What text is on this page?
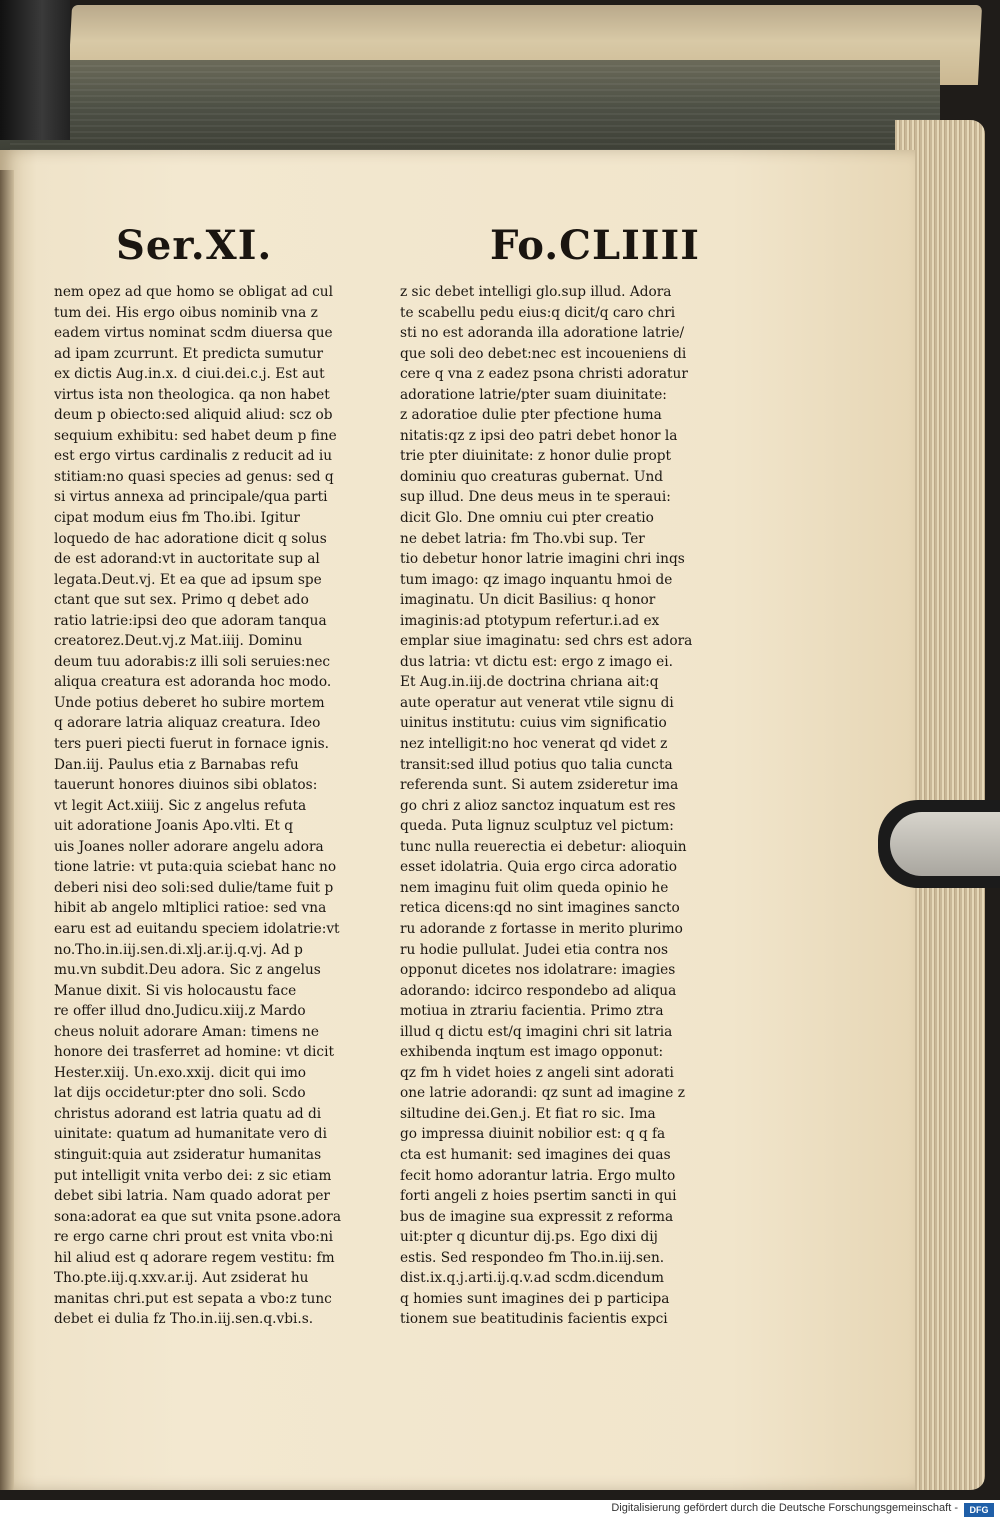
Ser.XI.	Fo.CLIIII
nem opez ad que homo se obligat ad cul
tum dei. His ergo oibus nominib vna z
eadem virtus nominat scdm diuersa que
ad ipam zcurrunt. Et predicta sumutur
ex dictis Aug.in.x. d ciui.dei.c.j. Est aut
virtus ista non theologica. qa non habet
deum p obiecto:sed aliquid aliud: scz ob
sequium exhibitu: sed habet deum p fine
est ergo virtus cardinalis z reducit ad iu
stitiam:no quasi species ad genus: sed q
si virtus annexa ad principale/qua parti
cipat modum eius fm Tho.ibi. Igitur
loquedo de hac adoratione dicit q solus
de est adorand:vt in auctoritate sup al
legata.Deut.vj. Et ea que ad ipsum spe
ctant que sut sex. Primo q debet ado
ratio latrie:ipsi deo que adoram tanqua
creatorez.Deut.vj.z Mat.iiij. Dominu
deum tuu adorabis:z illi soli seruies:nec
aliqua creatura est adoranda hoc modo.
Unde potius deberet ho subire mortem
q adorare latria aliquaz creatura. Ideo
ters pueri piecti fuerut in fornace ignis.
Dan.iij. Paulus etia z Barnabas refu
tauerunt honores diuinos sibi oblatos:
vt legit Act.xiiij. Sic z angelus refuta
uit adoratione Joanis Apo.vlti. Et q
uis Joanes noller adorare angelu adora
tione latrie: vt puta:quia sciebat hanc no
deberi nisi deo soli:sed dulie/tame fuit p
hibit ab angelo mltiplici ratioe: sed vna
earu est ad euitandu speciem idolatrie:vt
no.Tho.in.iij.sen.di.xlj.ar.ij.q.vj. Ad p
mu.vn subdit.Deu adora. Sic z angelus
Manue dixit. Si vis holocaustu face
re offer illud dno.Judicu.xiij.z Mardo
cheus noluit adorare Aman: timens ne
honore dei trasferret ad homine: vt dicit
Hester.xiij. Un.exo.xxij. dicit qui imo
lat dijs occidetur:pter dno soli. Scdo
christus adorand est latria quatu ad di
uinitate: quatum ad humanitate vero di
stinguit:quia aut zsideratur humanitas
put intelligit vnita verbo dei: z sic etiam
debet sibi latria. Nam quado adorat per
sona:adorat ea que sut vnita psone.adora
re ergo carne chri prout est vnita vbo:ni
hil aliud est q adorare regem vestitu: fm
Tho.pte.iij.q.xxv.ar.ij. Aut zsiderat hu
manitas chri.put est sepata a vbo:z tunc
debet ei dulia fz Tho.in.iij.sen.q.vbi.s.
z sic debet intelligi glo.sup illud. Adora
te scabellu pedu eius:q dicit/q caro chri
sti no est adoranda illa adoratione latrie/
que soli deo debet:nec est incoueniens di
cere q vna z eadez psona christi adoratur
adoratione latrie/pter suam diuinitate:
z adoratioe dulie pter pfectione huma
nitatis:qz z ipsi deo patri debet honor la
trie pter diuinitate: z honor dulie propt
dominiu quo creaturas gubernat. Und
sup illud. Dne deus meus in te speraui:
dicit Glo. Dne omniu cui pter creatio
ne debet latria: fm Tho.vbi sup. Ter
tio debetur honor latrie imagini chri inqs
tum imago: qz imago inquantu hmoi de
imaginatu. Un dicit Basilius: q honor
imaginis:ad ptotypum refertur.i.ad ex
emplar siue imaginatu: sed chrs est adora
dus latria: vt dictu est: ergo z imago ei.
Et Aug.in.iij.de doctrina chriana ait:q
aute operatur aut venerat vtile signu di
uinitus institutu: cuius vim significatio
nez intelligit:no hoc venerat qd videt z
transit:sed illud potius quo talia cuncta
referenda sunt. Si autem zsideretur ima
go chri z alioz sanctoz inquatum est res
queda. Puta lignuz sculptuz vel pictum:
tunc nulla reuerectia ei debetur: alioquin
esset idolatria. Quia ergo circa adoratio
nem imaginu fuit olim queda opinio he
retica dicens:qd no sint imagines sancto
ru adorande z fortasse in merito plurimo
ru hodie pullulat. Judei etia contra nos
opponut dicetes nos idolatrare: imagies
adorando: idcirco respondebo ad aliqua
motiua in ztrariu facientia. Primo ztra
illud q dictu est/q imagini chri sit latria
exhibenda inqtum est imago opponut:
qz fm h videt hoies z angeli sint adorati
one latrie adorandi: qz sunt ad imagine z
siltudine dei.Gen.j. Et fiat ro sic. Ima
go impressa diuinit nobilior est: q q fa
cta est humanit: sed imagines dei quas
fecit homo adorantur latria. Ergo multo
forti angeli z hoies psertim sancti in qui
bus de imagine sua expressit z reforma
uit:pter q dicuntur dij.ps. Ego dixi dij
estis. Sed respondeo fm Tho.in.iij.sen.
dist.ix.q.j.arti.ij.q.v.ad scdm.dicendum
q homies sunt imagines dei p participa
tionem sue beatitudinis facientis expci
Digitalisierung gefördert durch die Deutsche Forschungsgemeinschaft -	DFG
